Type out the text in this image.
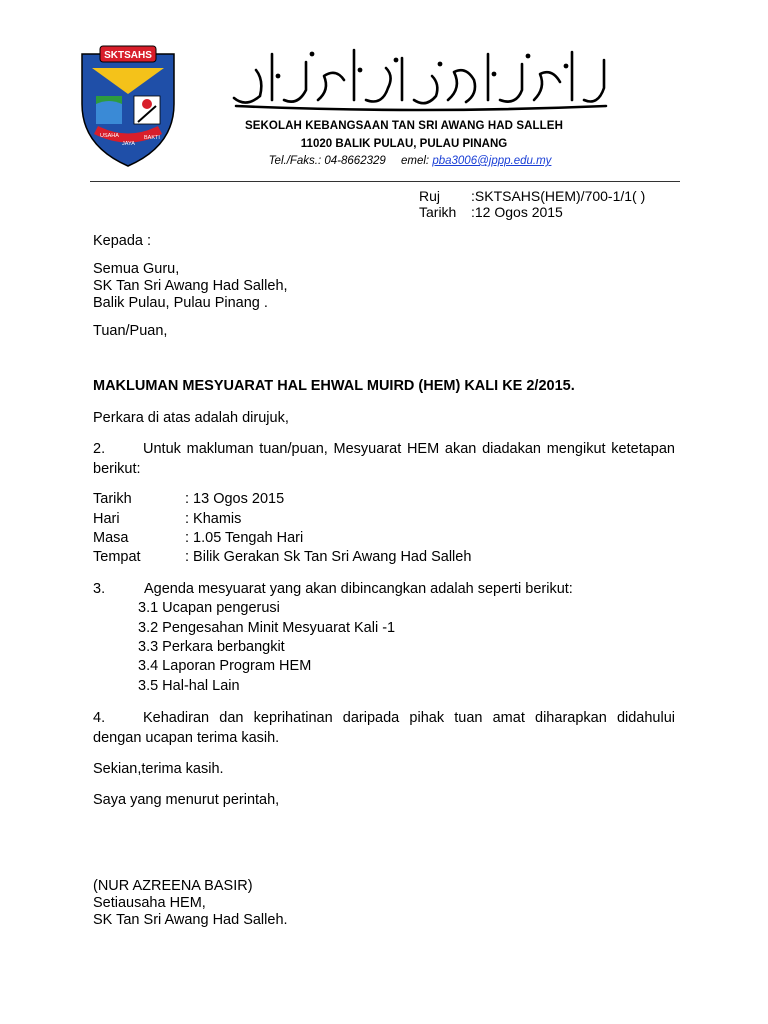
SKTSAHS
USAHA
JAYA
BAKTI
SEKOLAH KEBANGSAAN TAN SRI AWANG HAD SALLEH
11020 BALIK PULAU, PULAU PINANG
Tel./Faks.: 04-8662329 emel: pba3006@jppp.edu.my
Ruj :SKTSAHS(HEM)/700-1/1( )
Tarikh :12 Ogos 2015
Kepada :
Semua Guru,
SK Tan Sri Awang Had Salleh,
Balik Pulau, Pulau Pinang .
Tuan/Puan,
MAKLUMAN MESYUARAT HAL EHWAL MUIRD (HEM) KALI KE 2/2015.
Perkara di atas adalah dirujuk,
2.	Untuk makluman tuan/puan, Mesyuarat HEM akan diadakan mengikut ketetapan berikut:
Tarikh	: 13 Ogos 2015
Hari	: Khamis
Masa	: 1.05 Tengah Hari
Tempat	: Bilik Gerakan Sk Tan Sri Awang Had Salleh
3.	Agenda mesyuarat yang akan dibincangkan adalah seperti berikut:
3.1 Ucapan pengerusi
3.2 Pengesahan Minit Mesyuarat Kali -1
3.3 Perkara berbangkit
3.4 Laporan Program HEM
3.5 Hal-hal Lain
4.	Kehadiran dan keprihatinan daripada pihak tuan amat diharapkan didahului dengan ucapan terima kasih.
Sekian,terima kasih.
Saya yang menurut perintah,
(NUR AZREENA BASIR)
Setiausaha HEM,
SK Tan Sri Awang Had Salleh.
